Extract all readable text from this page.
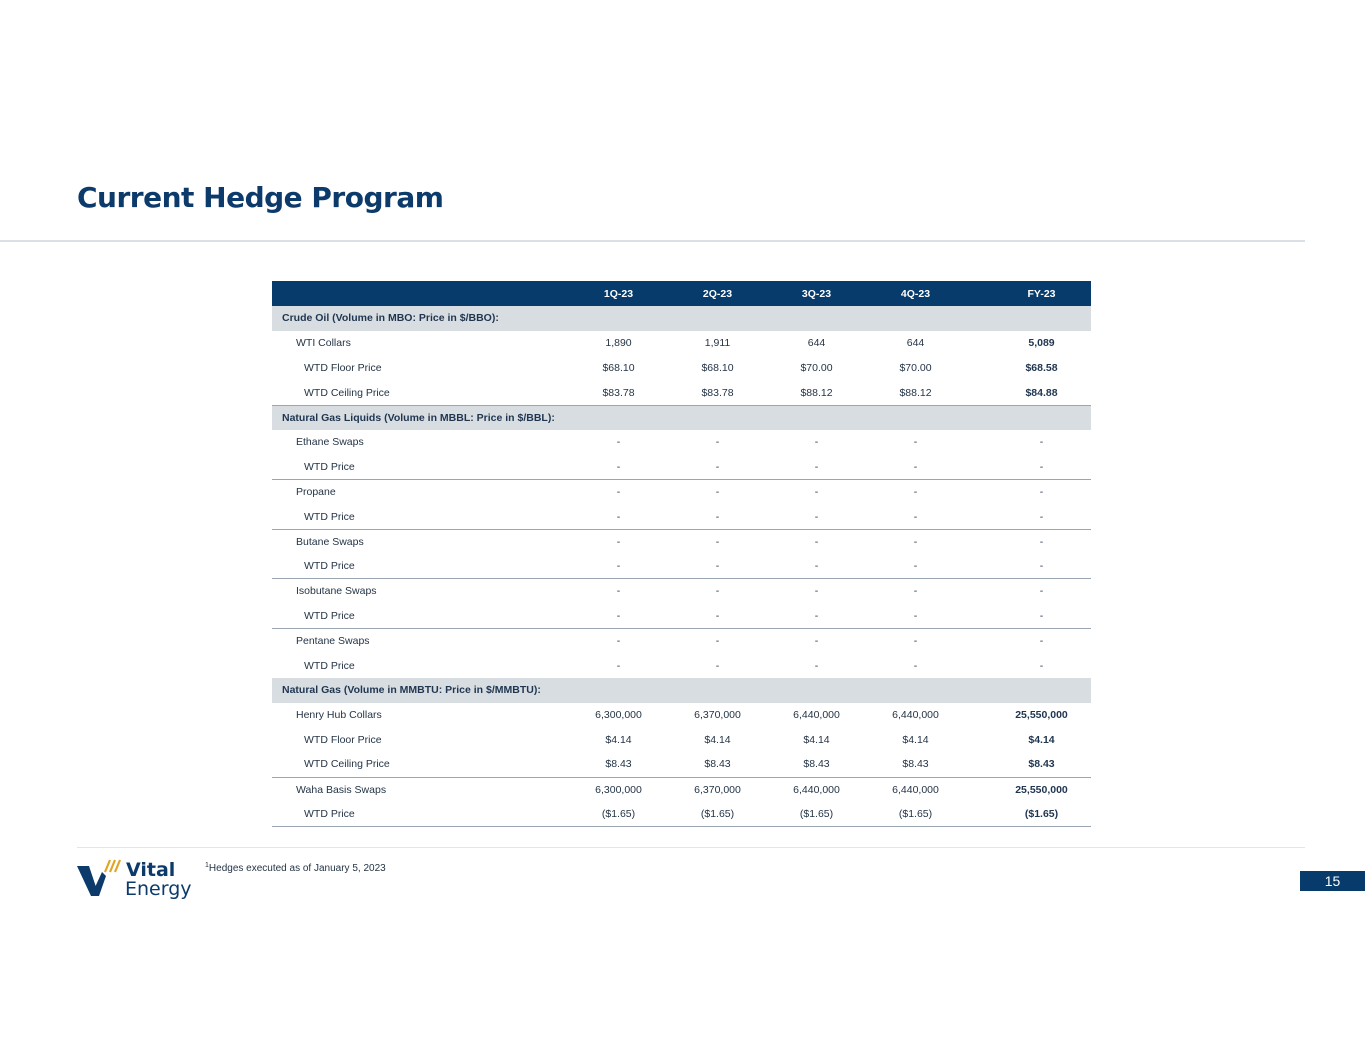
Current Hedge Program
	1Q-23	2Q-23	3Q-23	4Q-23	FY-23
Crude Oil (Volume in MBO: Price in $/BBO):					
WTI Collars	1,890	1,911	644	644	5,089
WTD Floor Price	$68.10	$68.10	$70.00	$70.00	$68.58
WTD Ceiling Price	$83.78	$83.78	$88.12	$88.12	$84.88
Natural Gas Liquids (Volume in MBBL: Price in $/BBL):					
Ethane Swaps	-	-	-	-	-
WTD Price	-	-	-	-	-
Propane	-	-	-	-	-
WTD Price	-	-	-	-	-
Butane Swaps	-	-	-	-	-
WTD Price	-	-	-	-	-
Isobutane Swaps	-	-	-	-	-
WTD Price	-	-	-	-	-
Pentane Swaps	-	-	-	-	-
WTD Price	-	-	-	-	-
Natural Gas (Volume in MMBTU: Price in $/MMBTU):					
Henry Hub Collars	6,300,000	6,370,000	6,440,000	6,440,000	25,550,000
WTD Floor Price	$4.14	$4.14	$4.14	$4.14	$4.14
WTD Ceiling Price	$8.43	$8.43	$8.43	$8.43	$8.43
Waha Basis Swaps	6,300,000	6,370,000	6,440,000	6,440,000	25,550,000
WTD Price	($1.65)	($1.65)	($1.65)	($1.65)	($1.65)
Vital
Energy
$^1$Hedges executed as of January 5, 2023
15
